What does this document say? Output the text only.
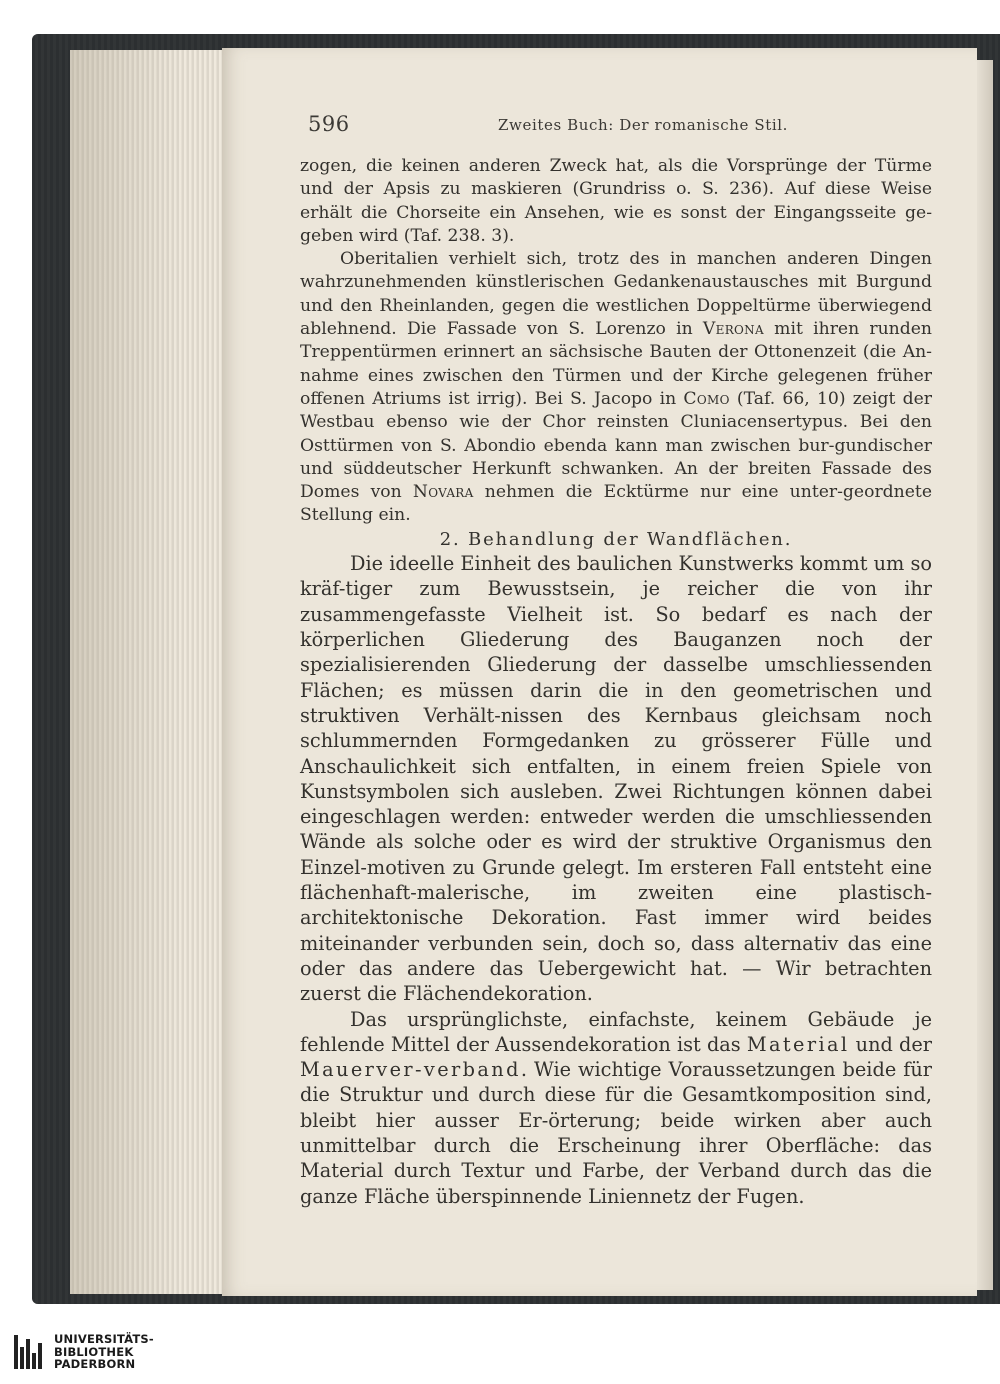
596	Zweites Buch: Der romanische Stil.

zogen, die keinen anderen Zweck hat, als die Vorsprünge der Türme und der Apsis zu maskieren (Grundriss o. S. 236). Auf diese Weise erhält die Chorseite ein Ansehen, wie es sonst der Eingangsseite ge-geben wird (Taf. 238. 3).

Oberitalien verhielt sich, trotz des in manchen anderen Dingen wahrzunehmenden künstlerischen Gedankenaustausches mit Burgund und den Rheinlanden, gegen die westlichen Doppeltürme überwiegend ablehnend. Die Fassade von S. Lorenzo in Verona mit ihren runden Treppentürmen erinnert an sächsische Bauten der Ottonenzeit (die An-nahme eines zwischen den Türmen und der Kirche gelegenen früher offenen Atriums ist irrig). Bei S. Jacopo in Como (Taf. 66, 10) zeigt der Westbau ebenso wie der Chor reinsten Cluniacensertypus. Bei den Osttürmen von S. Abondio ebenda kann man zwischen bur-gundischer und süddeutscher Herkunft schwanken. An der breiten Fassade des Domes von Novara nehmen die Ecktürme nur eine unter-geordnete Stellung ein.

2. Behandlung der Wandflächen.

Die ideelle Einheit des baulichen Kunstwerks kommt um so kräf-tiger zum Bewusstsein, je reicher die von ihr zusammengefasste Vielheit ist. So bedarf es nach der körperlichen Gliederung des Bauganzen noch der spezialisierenden Gliederung der dasselbe umschliessenden Flächen; es müssen darin die in den geometrischen und struktiven Verhält-nissen des Kernbaus gleichsam noch schlummernden Formgedanken zu grösserer Fülle und Anschaulichkeit sich entfalten, in einem freien Spiele von Kunstsymbolen sich ausleben. Zwei Richtungen können dabei eingeschlagen werden: entweder werden die umschliessenden Wände als solche oder es wird der struktive Organismus den Einzel-motiven zu Grunde gelegt. Im ersteren Fall entsteht eine flächenhaft-malerische, im zweiten eine plastisch-architektonische Dekoration. Fast immer wird beides miteinander verbunden sein, doch so, dass alternativ das eine oder das andere das Uebergewicht hat. — Wir betrachten zuerst die Flächendekoration.

Das ursprünglichste, einfachste, keinem Gebäude je fehlende Mittel der Aussendekoration ist das Material und der Mauerver-verband. Wie wichtige Voraussetzungen beide für die Struktur und durch diese für die Gesamtkomposition sind, bleibt hier ausser Er-örterung; beide wirken aber auch unmittelbar durch die Erscheinung ihrer Oberfläche: das Material durch Textur und Farbe, der Verband durch das die ganze Fläche überspinnende Liniennetz der Fugen.

UNIVERSITÄTS-
BIBLIOTHEK
PADERBORN
